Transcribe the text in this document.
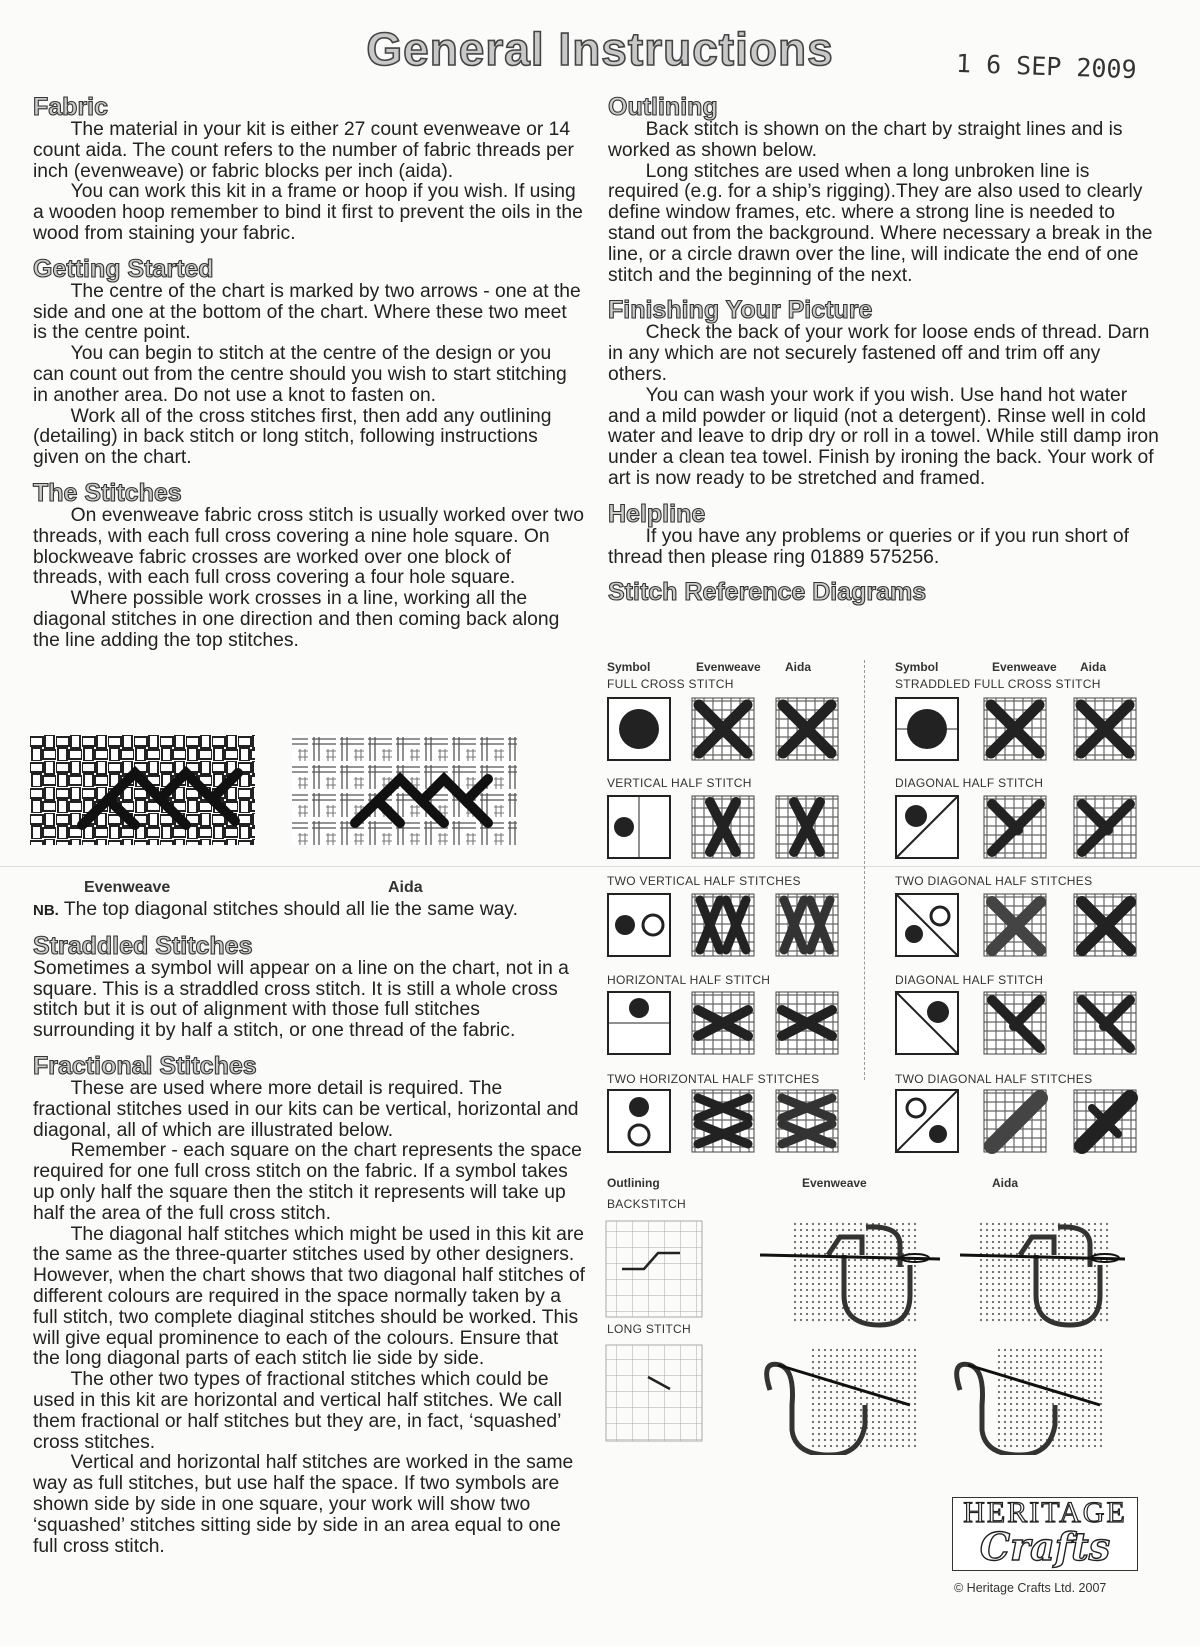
General Instructions	1 6 SEP 2009
Fabric

The material in your kit is either 27 count evenweave or 14 count aida. The count refers to the number of fabric threads per inch (evenweave) or fabric blocks per inch (aida).

You can work this kit in a frame or hoop if you wish. If using a wooden hoop remember to bind it first to prevent the oils in the wood from staining your fabric.

Getting Started

The centre of the chart is marked by two arrows - one at the side and one at the bottom of the chart. Where these two meet is the centre point.

You can begin to stitch at the centre of the design or you can count out from the centre should you wish to start stitching in another area. Do not use a knot to fasten on.

Work all of the cross stitches first, then add any outlining (detailing) in back stitch or long stitch, following instructions given on the chart.

The Stitches

On evenweave fabric cross stitch is usually worked over two threads, with each full cross covering a nine hole square. On blockweave fabric crosses are worked over one block of threads, with each full cross covering a four hole square.

Where possible work crosses in a line, working all the diagonal stitches in one direction and then coming back along the line adding the top stitches.

Evenweave	Aida

NB. The top diagonal stitches should all lie the same way.

Straddled Stitches

Sometimes a symbol will appear on a line on the chart, not in a square. This is a straddled cross stitch. It is still a whole cross stitch but it is out of alignment with those full stitches surrounding it by half a stitch, or one thread of the fabric.

Fractional Stitches

These are used where more detail is required. The fractional stitches used in our kits can be vertical, horizontal and diagonal, all of which are illustrated below.

Remember - each square on the chart represents the space required for one full cross stitch on the fabric. If a symbol takes up only half the square then the stitch it represents will take up half the area of the full cross stitch.

The diagonal half stitches which might be used in this kit are the same as the three-quarter stitches used by other designers. However, when the chart shows that two diagonal half stitches of different colours are required in the space normally taken by a full stitch, two complete diaginal stitches should be worked. This will give equal prominence to each of the colours. Ensure that the long diagonal parts of each stitch lie side by side.

The other two types of fractional stitches which could be used in this kit are horizontal and vertical half stitches. We call them fractional or half stitches but they are, in fact, ‘squashed’ cross stitches.

Vertical and horizontal half stitches are worked in the same way as full stitches, but use half the space. If two symbols are shown side by side in one square, your work will show two ‘squashed’ stitches sitting side by side in an area equal to one full cross stitch.

Outlining

Back stitch is shown on the chart by straight lines and is worked as shown below.

Long stitches are used when a long unbroken line is required (e.g. for a ship’s rigging).They are also used to clearly define window frames, etc. where a strong line is needed to stand out from the background. Where necessary a break in the line, or a circle drawn over the line, will indicate the end of one stitch and the beginning of the next.

Finishing Your Picture

Check the back of your work for loose ends of thread. Darn in any which are not securely fastened off and trim off any others.

You can wash your work if you wish. Use hand hot water and a mild powder or liquid (not a detergent). Rinse well in cold water and leave to drip dry or roll in a towel. While still damp iron under a clean tea towel. Finish by ironing the back. Your work of art is now ready to be stretched and framed.

Helpline

If you have any problems or queries or if you run short of thread then please ring 01889 575256.

Stitch Reference Diagrams
Symbol	Evenweave Aida	Symbol	Evenweave Aida
FULL CROSS STITCH
VERTICAL HALF STITCH
TWO VERTICAL HALF STITCHES
HORIZONTAL HALF STITCH
TWO HORIZONTAL HALF STITCHES
STRADDLED FULL CROSS STITCH
DIAGONAL HALF STITCH
TWO DIAGONAL HALF STITCHES
DIAGONAL HALF STITCH
TWO DIAGONAL HALF STITCHES
Outlining	Evenweave	Aida
BACKSTITCH
LONG STITCH
HERITAGE
Crafts
© Heritage Crafts Ltd. 2007
